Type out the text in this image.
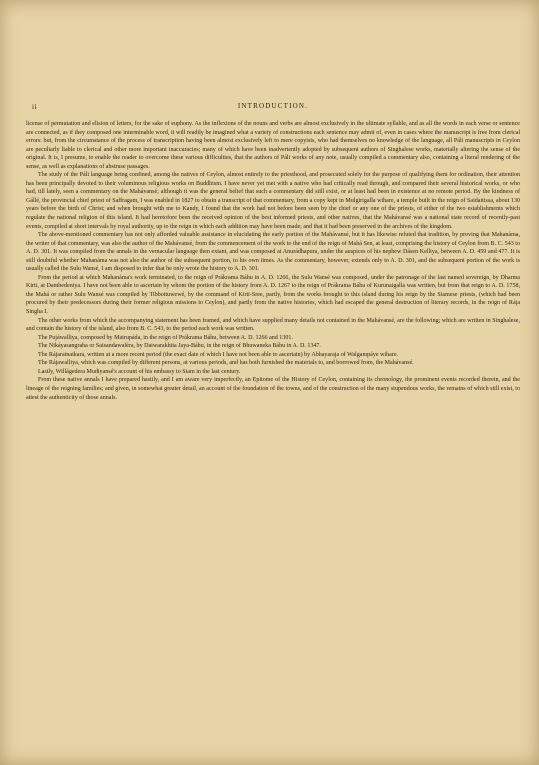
ii	INTRODUCTION.

license of permutation and elision of letters, for the sake of euphony. As the inflexions of the nouns and verbs are almost exclusively in the ultimate syllable, and as all the words in each verse or sentence are connected, as if they composed one interminable word, it will readily be imagined what a variety of constructions each sentence may admit of, even in cases where the manuscript is free from clerical errors: but, from the circumstance of the process of transcription having been almost exclusively left to mere copyists, who had themselves no knowledge of the language, all Páli manuscripts in Ceylon are peculiarly liable to clerical and other more important inaccuracies; many of which have been inadvertently adopted by subsequent authors of Singhalese works, materially altering the sense of the original. It is, I presume, to enable the reader to overcome these various difficulties, that the authors of Páli works of any note, usually compiled a commentary also, containing a literal rendering of the sense, as well as explanations of abstruse passages.

The study of the Páli language being confined, among the natives of Ceylon, almost entirely to the priesthood, and prosecuted solely for the purpose of qualifying them for ordination, their attention has been principally devoted to their voluminous religious works on Buddhism. I have never yet met with a native who had critically read through, and compared their several historical works, or who had, till lately, seen a commentary on the Mahávansé; although it was the general belief that such a commentary did still exist, or at least had been in existence at no remote period. By the kindness of Gállé, the provincial chief priest of Saffragam, I was enabled in 1827 to obtain a transcript of that commentary, from a copy kept in Mulgirigalla wihare, a temple built in the reign of Saidaitissa, about 130 years before the birth of Christ; and when brought with me to Kandy, I found that the work had not before been seen by the chief or any one of the priests, of either of the two establishments which regulate the national religion of this island. It had heretofore been the received opinion of the best informed priests, and other natives, that the Mahávansé was a national state record of recently-past events, compiled at short intervals by royal authority, up to the reign in which each addition may have been made; and that it had been preserved in the archives of the kingdom.

The above-mentioned commentary has not only afforded valuable assistance in elucidating the early portion of the Mahávansé, but it has likewise refuted that tradition, by proving that Mahanáma, the writer of that commentary, was also the author of the Mahávansé, from the commencement of the work to the end of the reign of Mahá Sen, at least, comprising the history of Ceylon from B. C. 543 to A. D. 301. It was compiled from the annals in the vernacular language then extant, and was composed at Anurádhapura, under the auspices of his nephew Dásen Kelliya, between A. D. 459 and 477. It is still doubtful whether Mahanáma was not also the author of the subsequent portion, to his own times. As the commentary, however, extends only to A. D. 301, and the subsequent portion of the work is usually called the Sulu Wansé, I am disposed to infer that he only wrote the history to A. D. 301.

From the period at which Mahanáma's work terminated, to the reign of Prákrama Báhu in A. D. 1266, the Sulu Wansé was composed, under the patronage of the last named sovereign, by Dharma Kirti, at Dambedeniya. I have not been able to ascertain by whom the portion of the history from A. D. 1267 to the reign of Prákrama Báhu of Kurunaigalla was written, but from that reign to A. D. 1758, the Mahá or rather Sulu Wansé was compiled by Tibbottuwewé, by the command of Kirti-Sree, partly, from the works brought to this island during his reign by the Siamese priests, (which had been procured by their predecessors during their former religious missions to Ceylon), and partly from the native histories, which had escaped the general destruction of literary records, in the reign of Rája Singha I.

The other works from which the accompanying statement has been framed, and which have supplied many details not contained in the Mahávansé, are the following; which are written in Singhalese, and contain the history of the island, also from B. C. 543, to the period each work was written.

The Pujáwalliya, composed by Mairupáda, in the reign of Prákrama Báhu, between A. D. 1266 and 1301.

The Nikáyasangraha or Saisandawaléra, by Daiwarakhita Jaya-Báhu, in the reign of Bhuwaneka Báhu in A. D. 1347.

The Rájaratnaikara, written at a more recent period (the exact date of which I have not been able to ascertain) by Abhayaraja of Walgampáye wihare.

The Rájawalliya, which was compiled by different persons, at various periods, and has both furnished the materials to, and borrowed from, the Mahávansé.

Lastly, Willágedera Mudiyansé's account of his embassy to Siam in the last century.

From these native annals I have prepared hastily, and I am aware very imperfectly, an Epitome of the History of Ceylon, containing its chronology, the prominent events recorded therein, and the lineage of the reigning families; and given, in somewhat greater detail, an account of the foundation of the towns, and of the construction of the many stupendous works, the remains of which still exist, to attest the authenticity of those annals.
